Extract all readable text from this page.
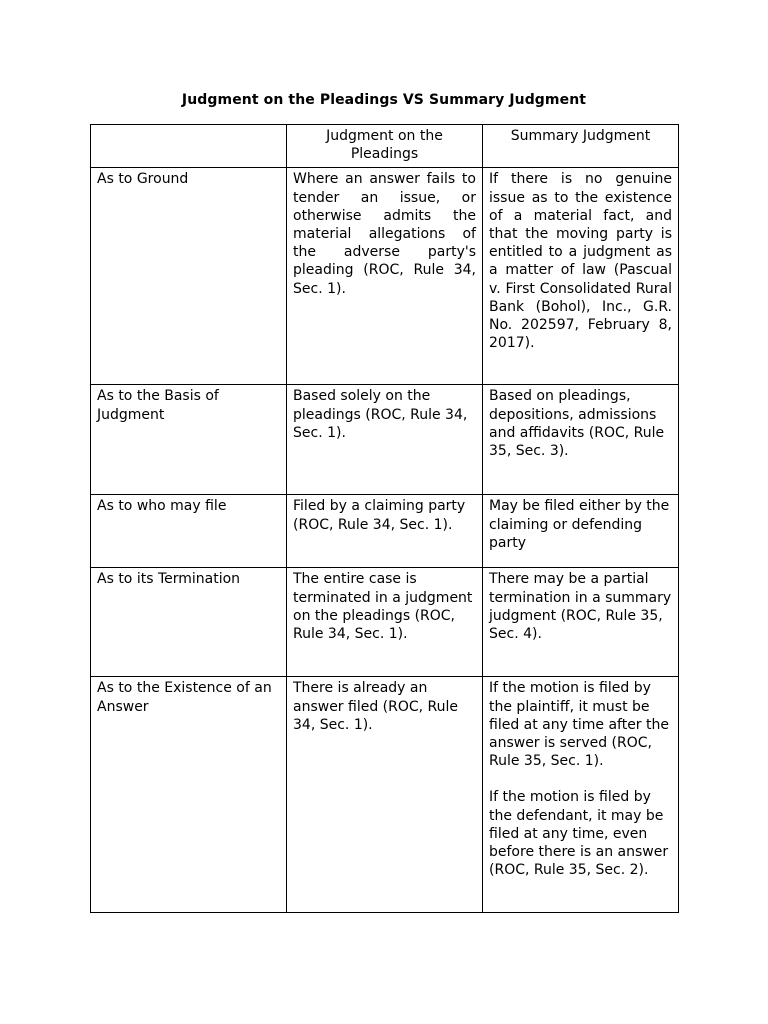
Judgment on the Pleadings VS Summary Judgment
	Judgment on the Pleadings	Summary Judgment
As to Ground	Where an answer fails to tender an issue, or otherwise admits the material allegations of the adverse party's pleading (ROC, Rule 34, Sec. 1).	If there is no genuine issue as to the existence of a material fact, and that the moving party is entitled to a judgment as a matter of law (Pascual v. First Consolidated Rural Bank (Bohol), Inc., G.R. No. 202597, February 8, 2017).
As to the Basis of Judgment	Based solely on the pleadings (ROC, Rule 34, Sec. 1).	Based on pleadings, depositions, admissions and affidavits (ROC, Rule 35, Sec. 3).
As to who may file	Filed by a claiming party (ROC, Rule 34, Sec. 1).	May be filed either by the claiming or defending party
As to its Termination	The entire case is terminated in a judgment on the pleadings (ROC, Rule 34, Sec. 1).	There may be a partial termination in a summary judgment (ROC, Rule 35, Sec. 4).
As to the Existence of an Answer	There is already an answer filed (ROC, Rule 34, Sec. 1).	If the motion is filed by the plaintiff, it must be filed at any time after the answer is served (ROC, Rule 35, Sec. 1).
If the motion is filed by the defendant, it may be filed at any time, even before there is an answer (ROC, Rule 35, Sec. 2).
